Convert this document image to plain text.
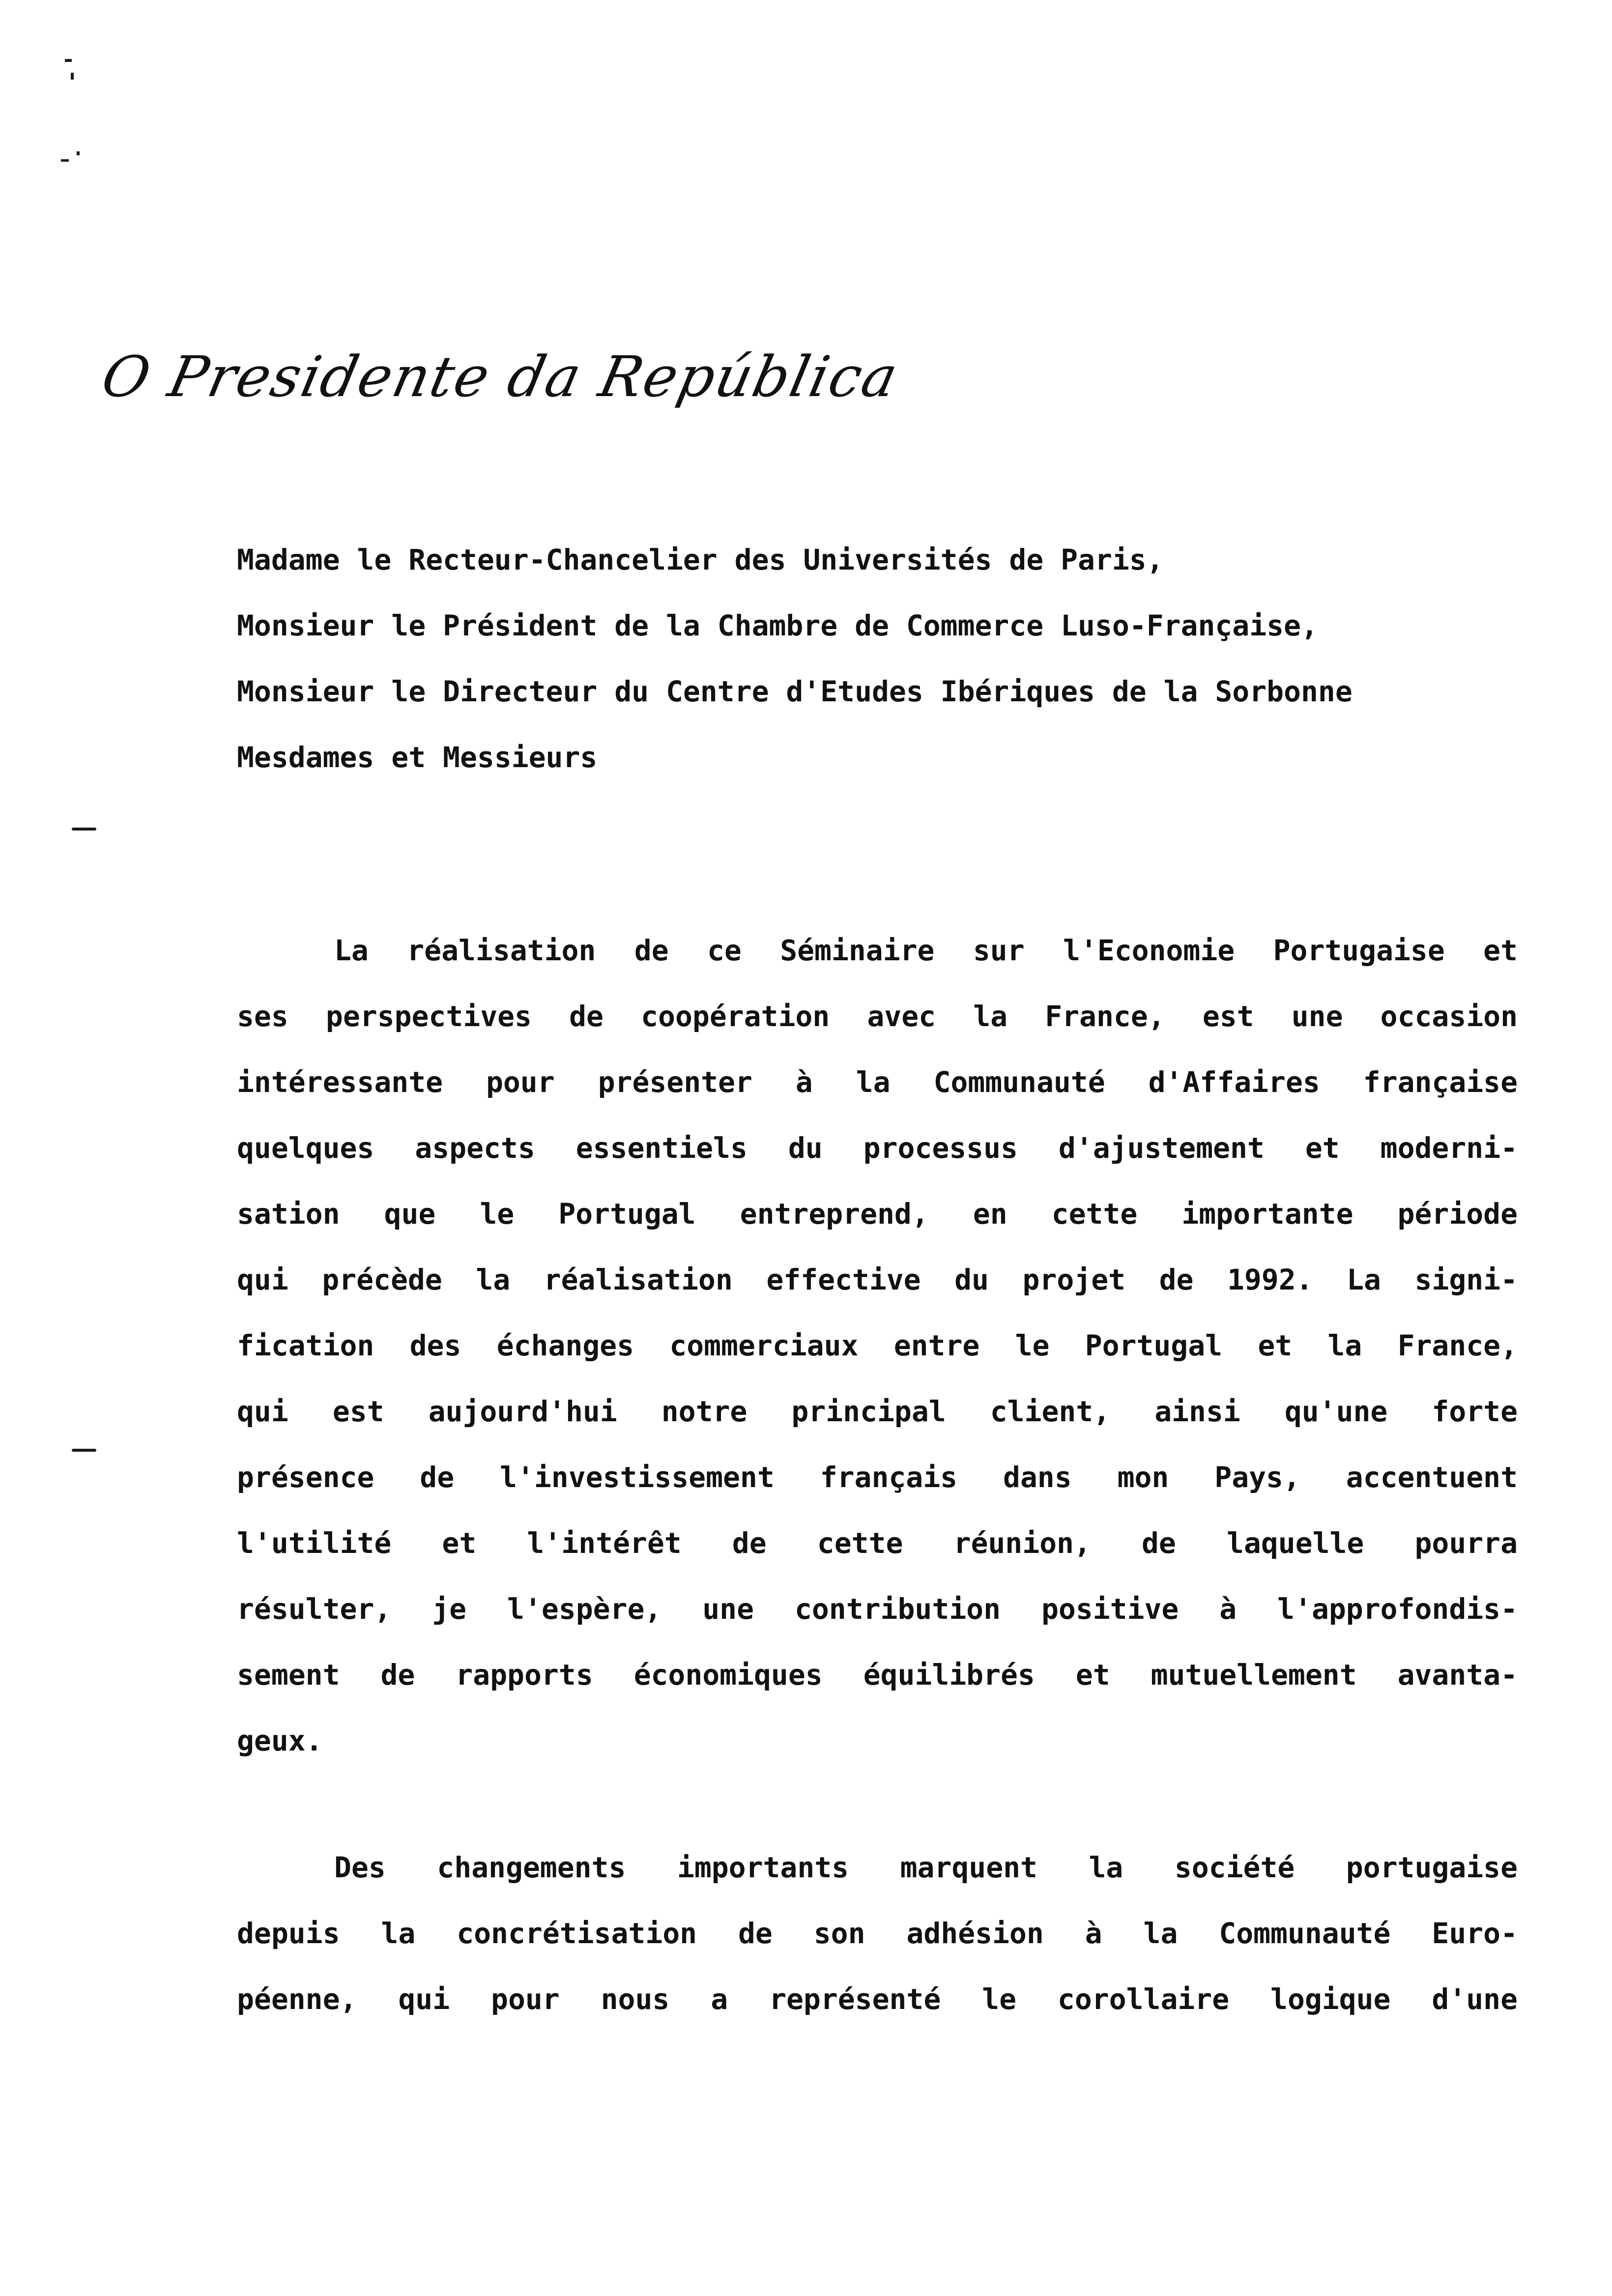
O Presidente da República
Madame le Recteur-Chancelier des Universités de Paris,
Monsieur le Président de la Chambre de Commerce Luso-Française,
Monsieur le Directeur du Centre d'Etudes Ibériques de la Sorbonne
Mesdames et Messieurs
La réalisation de ce Séminaire sur l'Economie Portugaise et
ses perspectives de coopération avec la France, est une occasion
intéressante pour présenter à la Communauté d'Affaires française
quelques aspects essentiels du processus d'ajustement et moderni-
sation que le Portugal entreprend, en cette importante période
qui précède la réalisation effective du projet de 1992. La signi-
fication des échanges commerciaux entre le Portugal et la France,
qui est aujourd'hui notre principal client, ainsi qu'une forte
présence de l'investissement français dans mon Pays, accentuent
l'utilité et l'intérêt de cette réunion, de laquelle pourra
résulter, je l'espère, une contribution positive à l'approfondis-
sement de rapports économiques équilibrés et mutuellement avanta-
geux.
Des changements importants marquent la société portugaise
depuis la concrétisation de son adhésion à la Communauté Euro-
péenne, qui pour nous a représenté le corollaire logique d'une
